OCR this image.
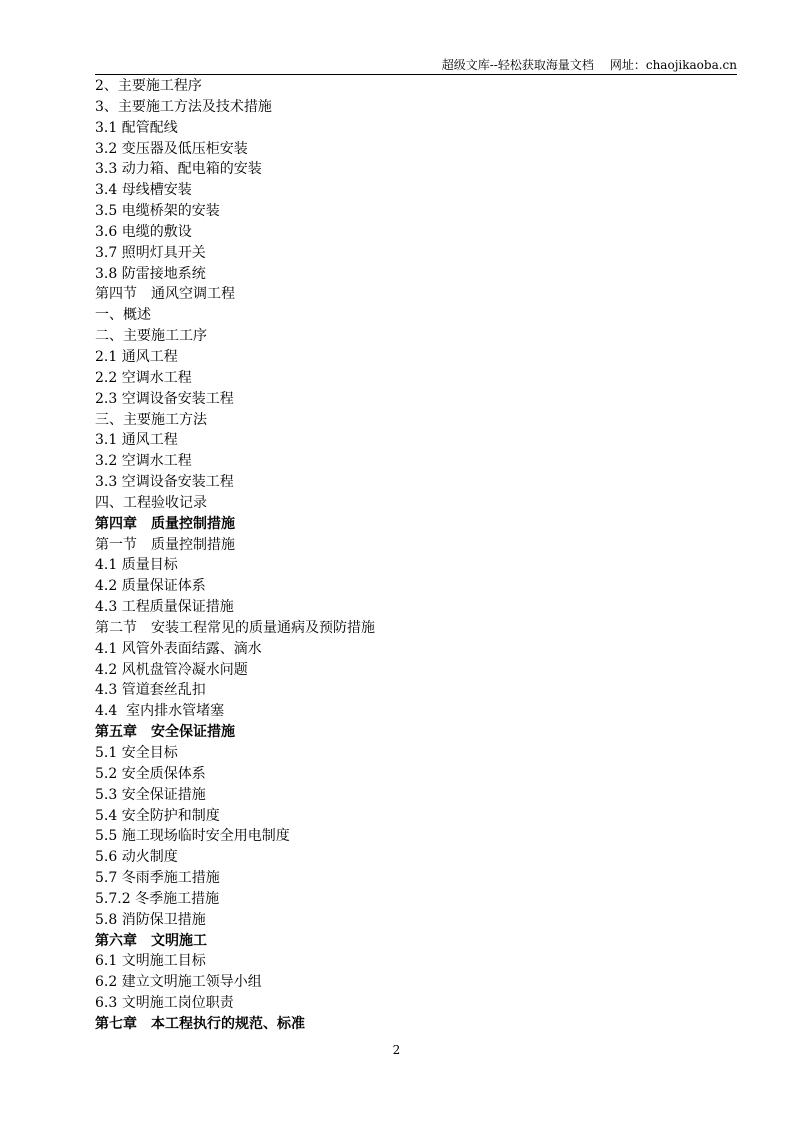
超级文库--轻松获取海量文档 网址：chaojikaoba.cn
2、主要施工程序
3、主要施工方法及技术措施
3.1 配管配线
3.2 变压器及低压柜安装
3.3 动力箱、配电箱的安装
3.4 母线槽安装
3.5 电缆桥架的安装
3.6 电缆的敷设
3.7 照明灯具开关
3.8 防雷接地系统
第四节　通风空调工程
一、概述
二、主要施工工序
2.1 通风工程
2.2 空调水工程
2.3 空调设备安装工程
三、主要施工方法
3.1 通风工程
3.2 空调水工程
3.3 空调设备安装工程
四、工程验收记录
第四章　质量控制措施
第一节　质量控制措施
4.1 质量目标
4.2 质量保证体系
4.3 工程质量保证措施
第二节　安装工程常见的质量通病及预防措施
4.1 风管外表面结露、滴水
4.2 风机盘管冷凝水问题
4.3 管道套丝乱扣
4.4  室内排水管堵塞
第五章　安全保证措施
5.1 安全目标
5.2 安全质保体系
5.3 安全保证措施
5.4 安全防护和制度
5.5 施工现场临时安全用电制度
5.6 动火制度
5.7 冬雨季施工措施
5.7.2 冬季施工措施
5.8 消防保卫措施
第六章　文明施工
6.1 文明施工目标
6.2 建立文明施工领导小组
6.3 文明施工岗位职责
第七章　本工程执行的规范、标准
2
